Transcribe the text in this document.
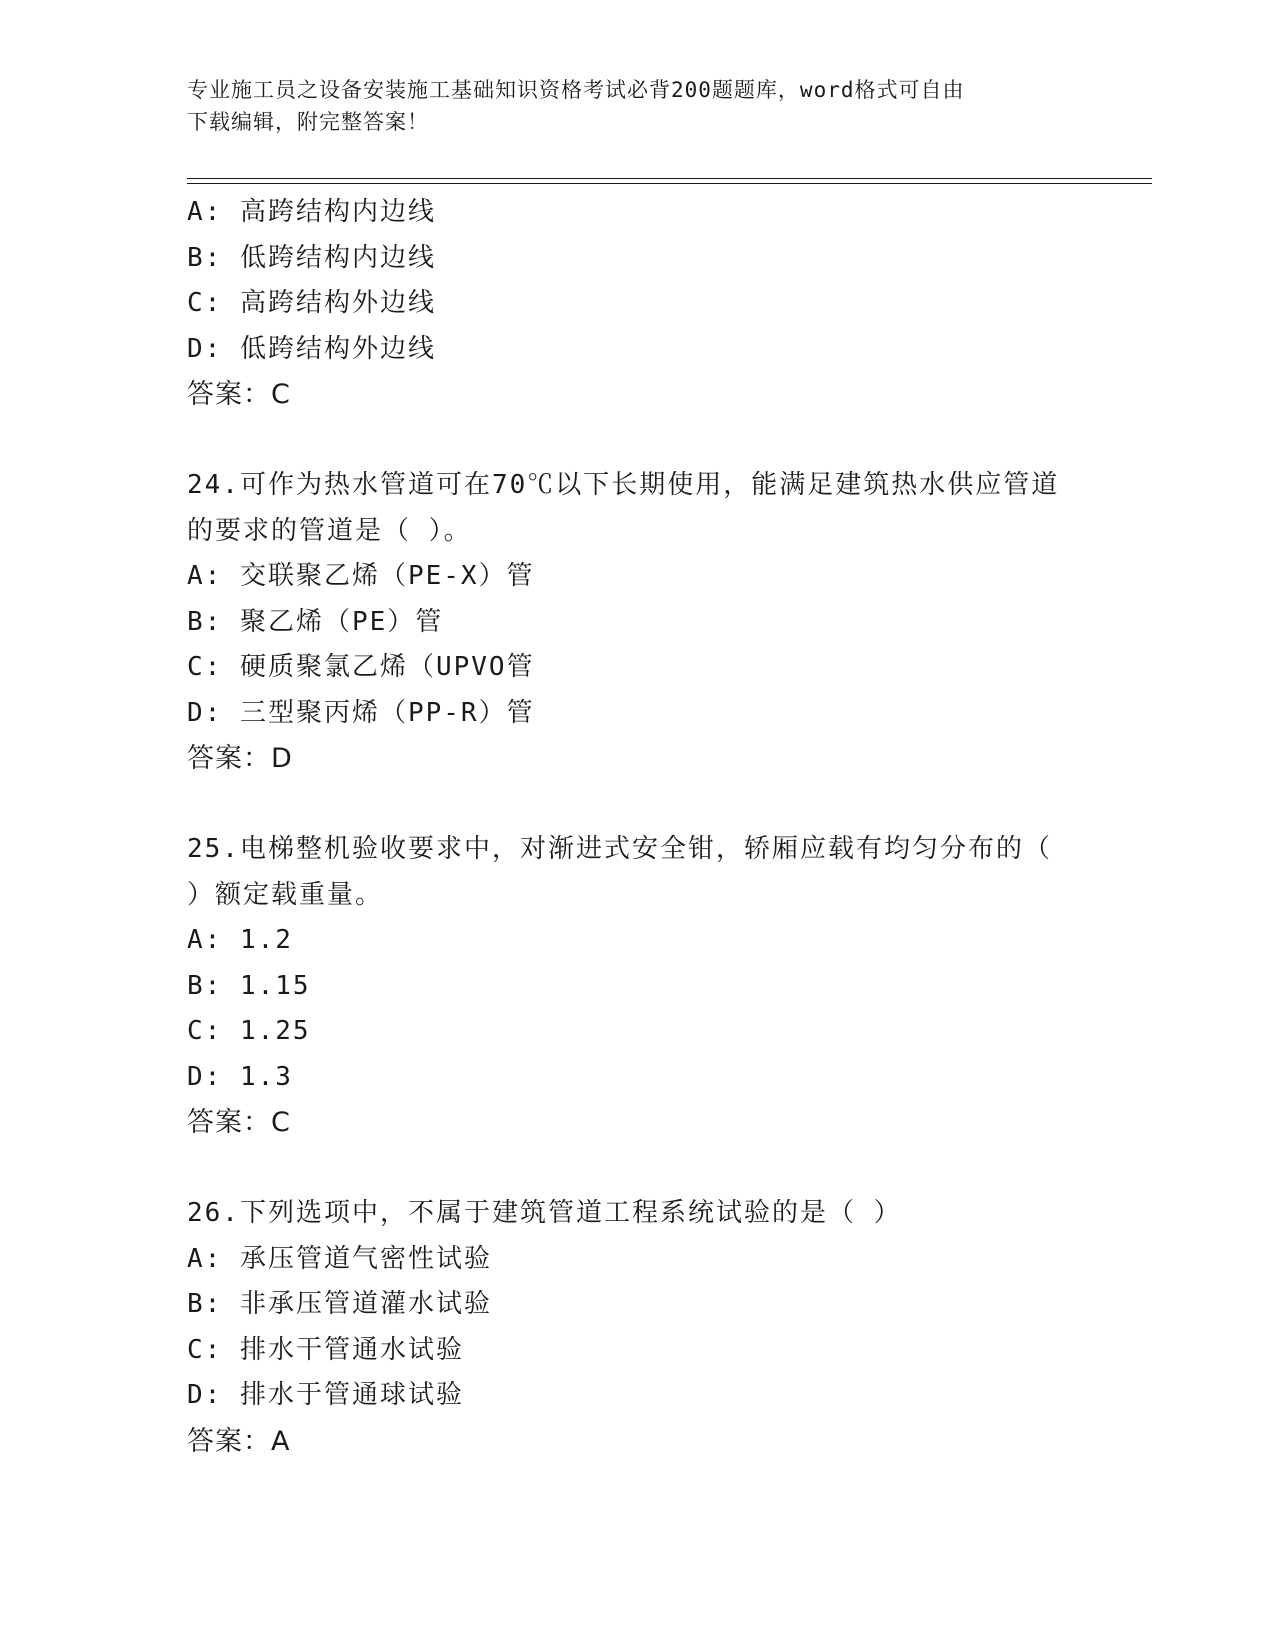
专业施工员之设备安装施工基础知识资格考试必背200题题库，word格式可自由
下载编辑，附完整答案！
A: 高跨结构内边线
B: 低跨结构内边线
C: 高跨结构外边线
D: 低跨结构外边线
答案：C
24.可作为热水管道可在70℃以下长期使用，能满足建筑热水供应管道
的要求的管道是（ ）。
A: 交联聚乙烯（PE-X）管
B: 聚乙烯（PE）管
C: 硬质聚氯乙烯（UPVO管
D: 三型聚丙烯（PP-R）管
答案：D
25.电梯整机验收要求中，对渐进式安全钳，轿厢应载有均匀分布的（
）额定载重量。
A: 1.2
B: 1.15
C: 1.25
D: 1.3
答案：C
26.下列选项中，不属于建筑管道工程系统试验的是（ ）
A: 承压管道气密性试验
B: 非承压管道灌水试验
C: 排水干管通水试验
D: 排水于管通球试验
答案：A
